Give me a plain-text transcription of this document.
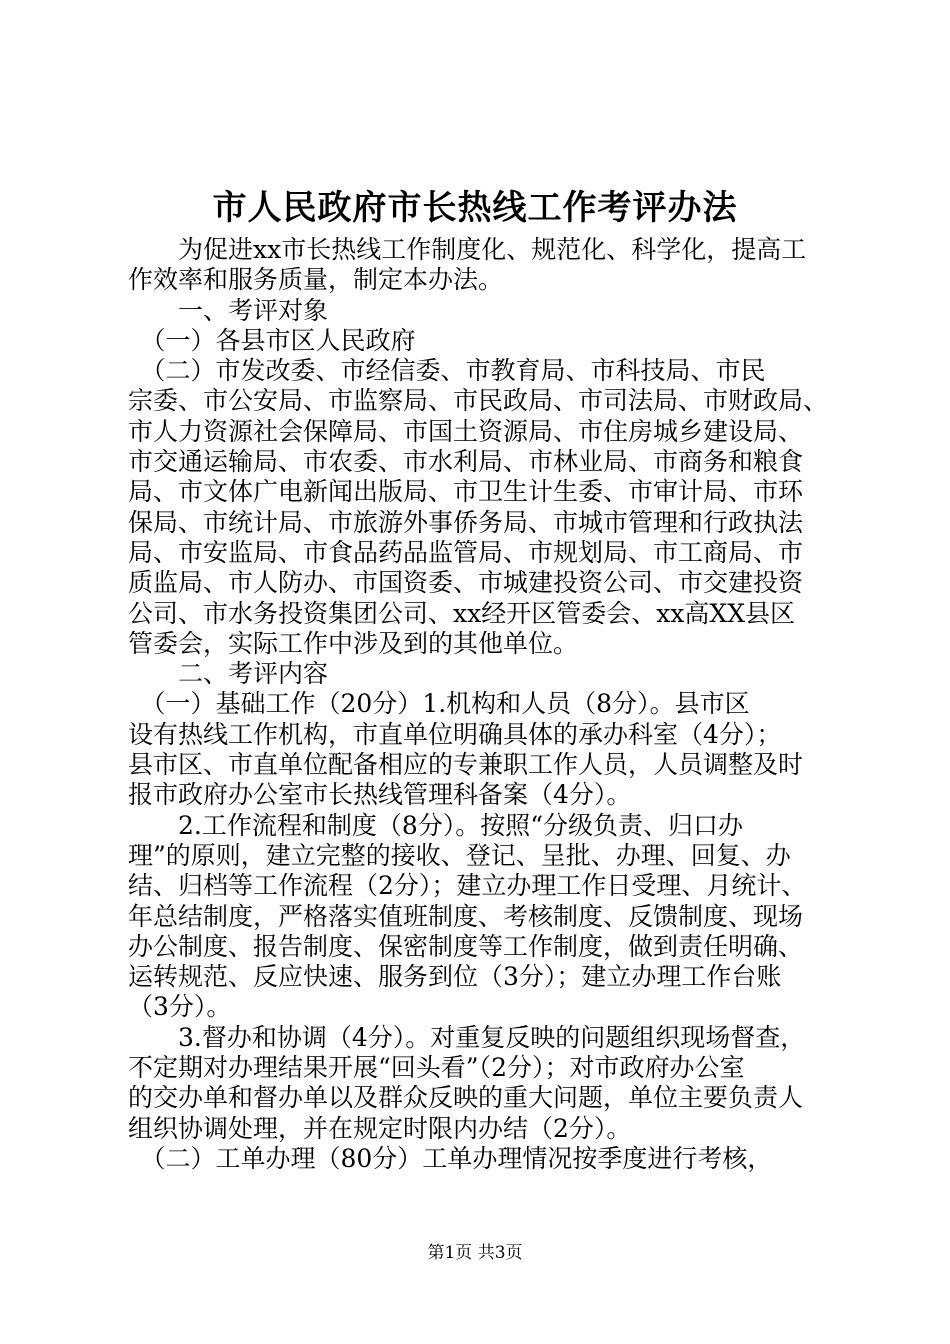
市人民政府市长热线工作考评办法
　　为促进xx市长热线工作制度化、规范化、科学化，提高工
作效率和服务质量，制定本办法。
　　一、考评对象
　（一）各县市区人民政府
　（二）市发改委、市经信委、市教育局、市科技局、市民
宗委、市公安局、市监察局、市民政局、市司法局、市财政局、
市人力资源社会保障局、市国土资源局、市住房城乡建设局、
市交通运输局、市农委、市水利局、市林业局、市商务和粮食
局、市文体广电新闻出版局、市卫生计生委、市审计局、市环
保局、市统计局、市旅游外事侨务局、市城市管理和行政执法
局、市安监局、市食品药品监管局、市规划局、市工商局、市
质监局、市人防办、市国资委、市城建投资公司、市交建投资
公司、市水务投资集团公司、xx经开区管委会、xx高XX县区
管委会，实际工作中涉及到的其他单位。
　　二、考评内容
　（一）基础工作（20分）1.机构和人员（8分）。县市区
设有热线工作机构，市直单位明确具体的承办科室（4分）；
县市区、市直单位配备相应的专兼职工作人员，人员调整及时
报市政府办公室市长热线管理科备案（4分）。
　　2.工作流程和制度（8分）。按照“分级负责、归口办
理”的原则，建立完整的接收、登记、呈批、办理、回复、办
结、归档等工作流程（2分）；建立办理工作日受理、月统计、
年总结制度，严格落实值班制度、考核制度、反馈制度、现场
办公制度、报告制度、保密制度等工作制度，做到责任明确、
运转规范、反应快速、服务到位（3分）；建立办理工作台账
（3分）。
　　3.督办和协调（4分）。对重复反映的问题组织现场督查，
不定期对办理结果开展“回头看”（2分）；对市政府办公室
的交办单和督办单以及群众反映的重大问题，单位主要负责人
组织协调处理，并在规定时限内办结（2分）。
　（二）工单办理（80分）工单办理情况按季度进行考核，
第1页 共3页
